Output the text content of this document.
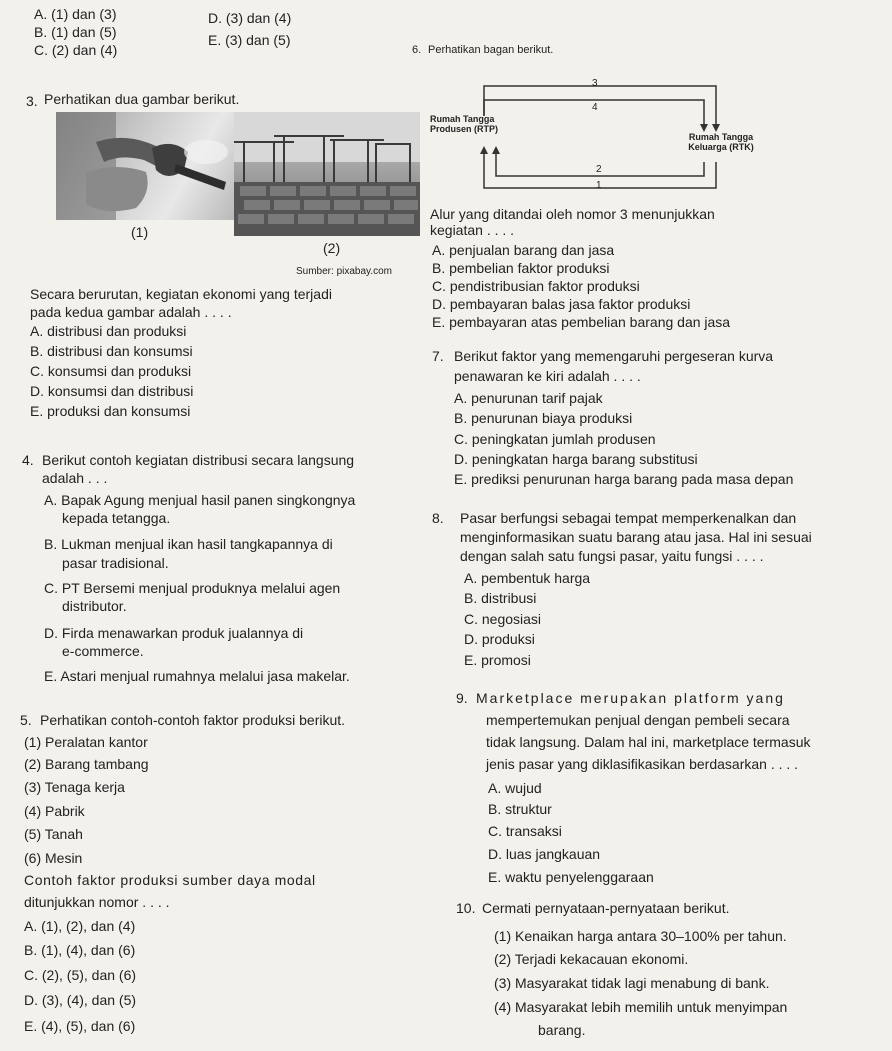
A. (1) dan (3)
B. (1) dan (5)
C. (2) dan (4)
D. (3) dan (4)
E. (3) dan (5)
3. Perhatikan dua gambar berikut.
(1)
(2)
Sumber: pixabay.com
Secara berurutan, kegiatan ekonomi yang terjadi
pada kedua gambar adalah . . . .
A. distribusi dan produksi
B. distribusi dan konsumsi
C. konsumsi dan produksi
D. konsumsi dan distribusi
E. produksi dan konsumsi
4. Berikut contoh kegiatan distribusi secara langsung
adalah . . .
A. Bapak Agung menjual hasil panen singkongnya
kepada tetangga.
B. Lukman menjual ikan hasil tangkapannya di
pasar tradisional.
C. PT Bersemi menjual produknya melalui agen
distributor.
D. Firda menawarkan produk jualannya di
e-commerce.
E. Astari menjual rumahnya melalui jasa makelar.
5. Perhatikan contoh-contoh faktor produksi berikut.
(1) Peralatan kantor
(2) Barang tambang
(3) Tenaga kerja
(4) Pabrik
(5) Tanah
(6) Mesin
Contoh faktor produksi sumber daya modal
ditunjukkan nomor . . . .
A. (1), (2), dan (4)
B. (1), (4), dan (6)
C. (2), (5), dan (6)
D. (3), (4), dan (5)
E. (4), (5), dan (6)
6. Perhatikan bagan berikut.
Rumah Tangga
Produsen (RTP)
Rumah Tangga
Keluarga (RTK)
3
4
2
1
Alur yang ditandai oleh nomor 3 menunjukkan
kegiatan . . . .
A. penjualan barang dan jasa
B. pembelian faktor produksi
C. pendistribusian faktor produksi
D. pembayaran balas jasa faktor produksi
E. pembayaran atas pembelian barang dan jasa
7. Berikut faktor yang memengaruhi pergeseran kurva
penawaran ke kiri adalah . . . .
A. penurunan tarif pajak
B. penurunan biaya produksi
C. peningkatan jumlah produsen
D. peningkatan harga barang substitusi
E. prediksi penurunan harga barang pada masa depan
8. Pasar berfungsi sebagai tempat memperkenalkan dan
menginformasikan suatu barang atau jasa. Hal ini sesuai
dengan salah satu fungsi pasar, yaitu fungsi . . . .
A. pembentuk harga
B. distribusi
C. negosiasi
D. produksi
E. promosi
9. Marketplace merupakan platform yang
mempertemukan penjual dengan pembeli secara
tidak langsung. Dalam hal ini, marketplace termasuk
jenis pasar yang diklasifikasikan berdasarkan . . . .
A. wujud
B. struktur
C. transaksi
D. luas jangkauan
E. waktu penyelenggaraan
10. Cermati pernyataan-pernyataan berikut.
(1) Kenaikan harga antara 30–100% per tahun.
(2) Terjadi kekacauan ekonomi.
(3) Masyarakat tidak lagi menabung di bank.
(4) Masyarakat lebih memilih untuk menyimpan
barang.
